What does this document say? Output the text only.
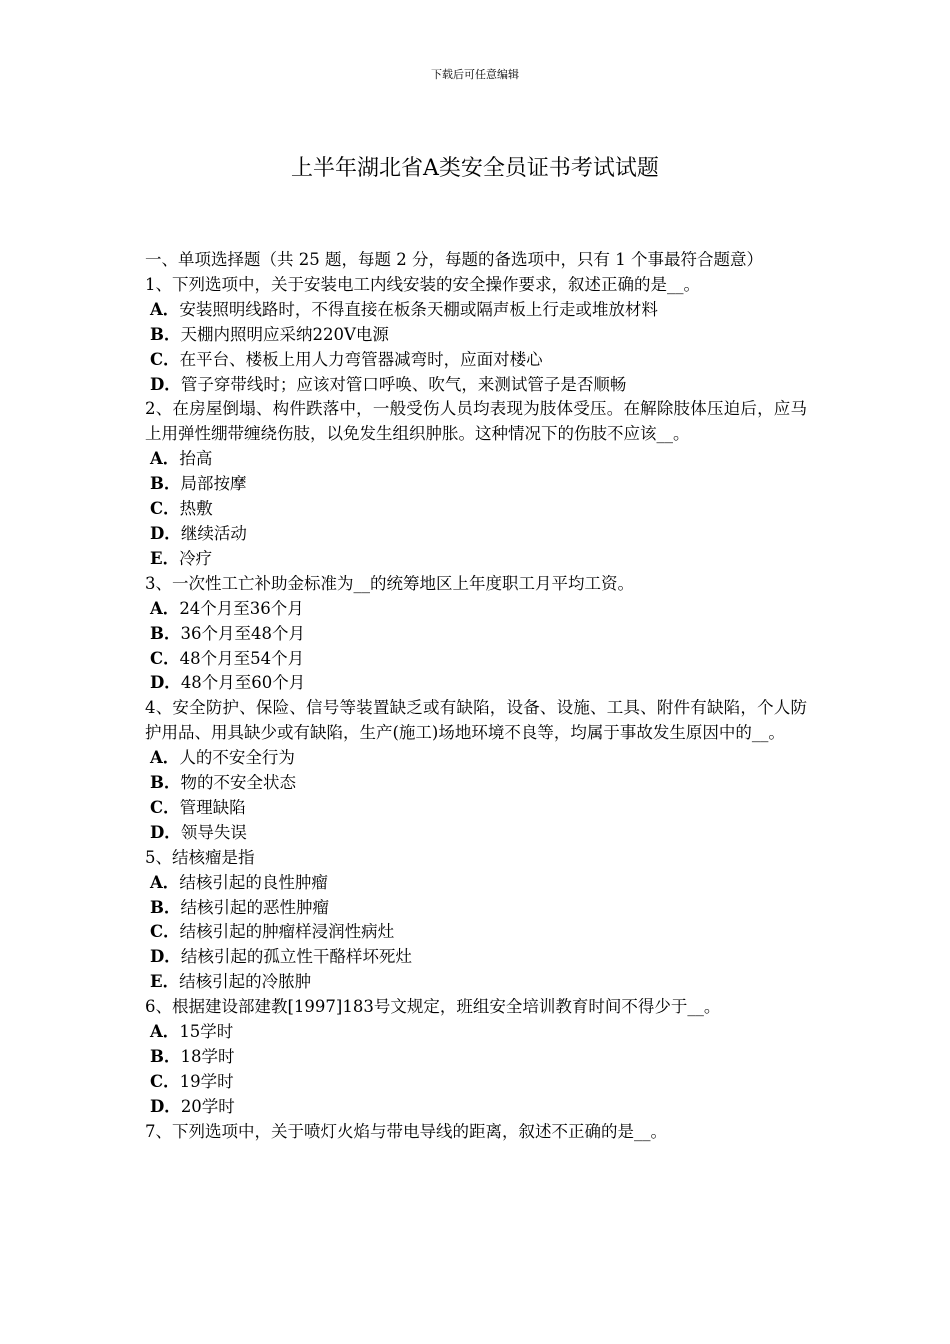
下载后可任意编辑
上半年湖北省A类安全员证书考试试题
一、单项选择题（共 25 题，每题 2 分，每题的备选项中，只有 1 个事最符合题意）
1、下列选项中，关于安装电工内线安装的安全操作要求，叙述正确的是__。
A．安装照明线路时，不得直接在板条天棚或隔声板上行走或堆放材料
B．天棚内照明应采纳220V电源
C．在平台、楼板上用人力弯管器减弯时，应面对楼心
D．管子穿带线时；应该对管口呼唤、吹气，来测试管子是否顺畅
2、在房屋倒塌、构件跌落中，一般受伤人员均表现为肢体受压。在解除肢体压迫后，应马上用弹性绷带缠绕伤肢，以免发生组织肿胀。这种情况下的伤肢不应该__。
A．抬高
B．局部按摩
C．热敷
D．继续活动
E．冷疗
3、一次性工亡补助金标准为__的统筹地区上年度职工月平均工资。
A．24个月至36个月
B．36个月至48个月
C．48个月至54个月
D．48个月至60个月
4、安全防护、保险、信号等装置缺乏或有缺陷，设备、设施、工具、附件有缺陷，个人防护用品、用具缺少或有缺陷，生产(施工)场地环境不良等，均属于事故发生原因中的__。
A．人的不安全行为
B．物的不安全状态
C．管理缺陷
D．领导失误
5、结核瘤是指
A．结核引起的良性肿瘤
B．结核引起的恶性肿瘤
C．结核引起的肿瘤样浸润性病灶
D．结核引起的孤立性干酪样坏死灶
E．结核引起的冷脓肿
6、根据建设部建教[1997]183号文规定，班组安全培训教育时间不得少于__。
A．15学时
B．18学时
C．19学时
D．20学时
7、下列选项中，关于喷灯火焰与带电导线的距离，叙述不正确的是__。
